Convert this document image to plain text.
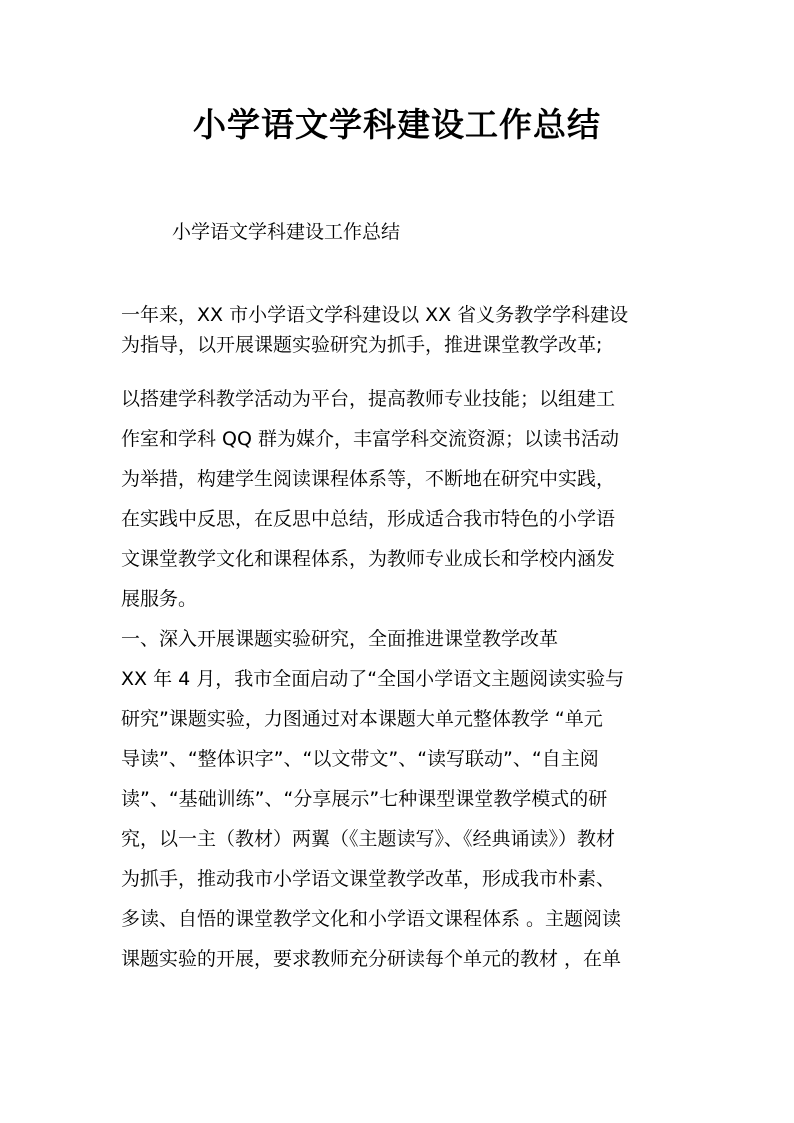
小学语文学科建设工作总结
小学语文学科建设工作总结
一年来，XX 市小学语文学科建设以 XX 省义务教学学科建设
为指导，以开展课题实验研究为抓手，推进课堂教学改革;
以搭建学科教学活动为平台，提高教师专业技能；以组建工
作室和学科 QQ 群为媒介，丰富学科交流资源；以读书活动
为举措，构建学生阅读课程体系等，不断地在研究中实践，
在实践中反思，在反思中总结，形成适合我市特色的小学语
文课堂教学文化和课程体系，为教师专业成长和学校内涵发
展服务。
一、深入开展课题实验研究，全面推进课堂教学改革
XX 年 4 月，我市全面启动了“全国小学语文主题阅读实验与
研究”课题实验，力图通过对本课题大单元整体教学 “单元
导读”、“整体识字”、“以文带文”、“读写联动”、“自主阅
读”、“基础训练”、“分享展示”七种课型课堂教学模式的研
究，以一主（教材）两翼（《主题读写》、《经典诵读》）教材
为抓手，推动我市小学语文课堂教学改革，形成我市朴素、
多读、自悟的课堂教学文化和小学语文课程体系 。主题阅读
课题实验的开展，要求教师充分研读每个单元的教材 ，在单
